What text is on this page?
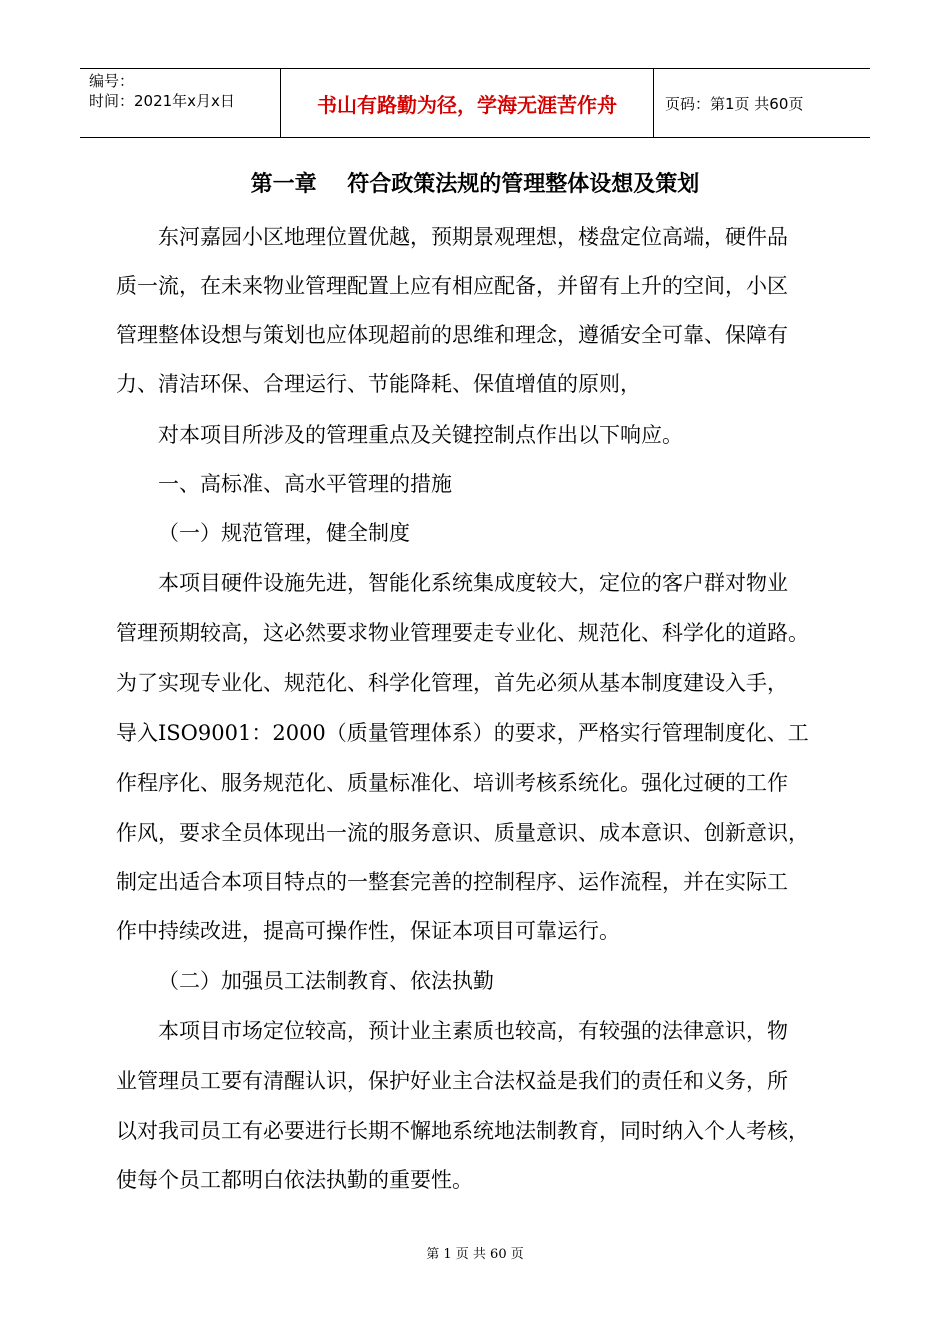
编号：
时间：2021年x月x日	书山有路勤为径，学海无涯苦作舟	页码：第1页 共60页
第一章    符合政策法规的管理整体设想及策划

东河嘉园小区地理位置优越，预期景观理想，楼盘定位高端，硬件品

质一流，在未来物业管理配置上应有相应配备，并留有上升的空间，小区

管理整体设想与策划也应体现超前的思维和理念，遵循安全可靠、保障有

力、清洁环保、合理运行、节能降耗、保值增值的原则，

对本项目所涉及的管理重点及关键控制点作出以下响应。

一、高标准、高水平管理的措施

（一）规范管理，健全制度

本项目硬件设施先进，智能化系统集成度较大，定位的客户群对物业

管理预期较高，这必然要求物业管理要走专业化、规范化、科学化的道路。

为了实现专业化、规范化、科学化管理，首先必须从基本制度建设入手，

导入ISO9001：2000（质量管理体系）的要求，严格实行管理制度化、工

作程序化、服务规范化、质量标准化、培训考核系统化。强化过硬的工作

作风，要求全员体现出一流的服务意识、质量意识、成本意识、创新意识，

制定出适合本项目特点的一整套完善的控制程序、运作流程，并在实际工

作中持续改进，提高可操作性，保证本项目可靠运行。

（二）加强员工法制教育、依法执勤

本项目市场定位较高，预计业主素质也较高，有较强的法律意识，物

业管理员工要有清醒认识，保护好业主合法权益是我们的责任和义务，所

以对我司员工有必要进行长期不懈地系统地法制教育，同时纳入个人考核，

使每个员工都明白依法执勤的重要性。

第 1 页 共 60 页
